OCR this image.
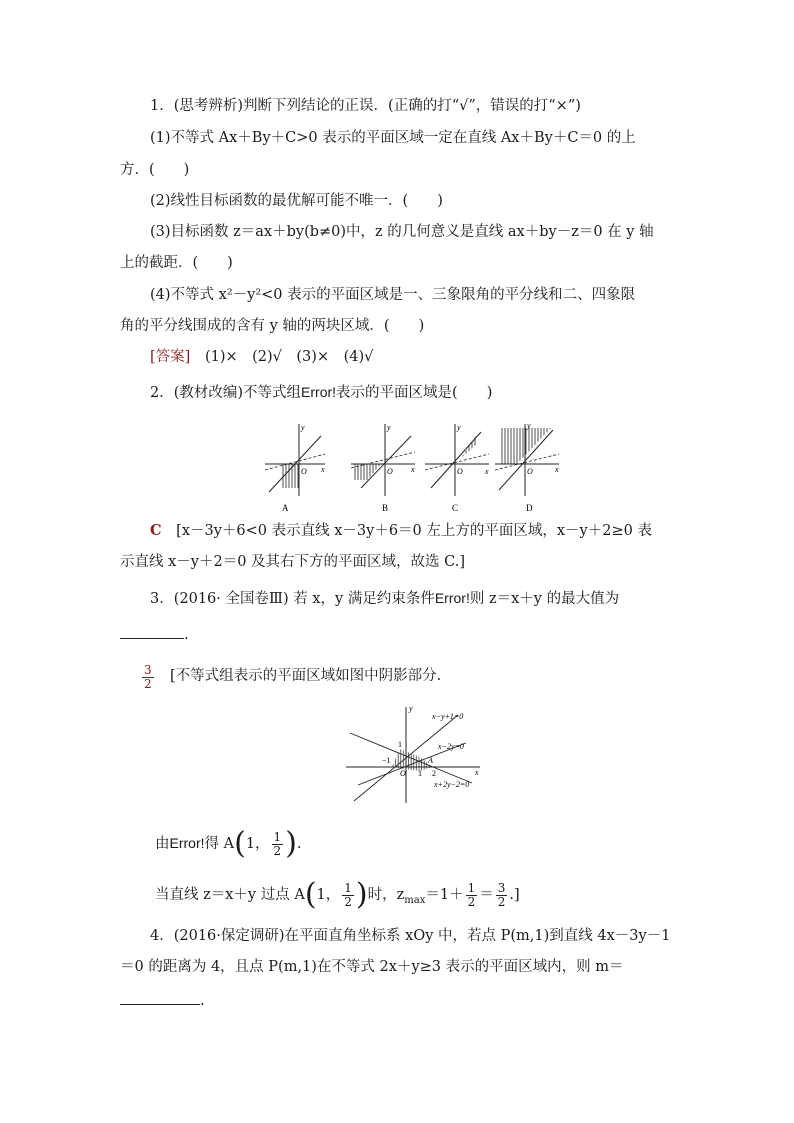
1．(思考辨析)判断下列结论的正误．(正确的打“√”，错误的打“×”)
(1)不等式 Ax＋By＋C>0 表示的平面区域一定在直线 Ax＋By＋C＝0 的上
方．(　　)
(2)线性目标函数的最优解可能不唯一．(　　)
(3)目标函数 z＝ax＋by(b≠0)中，z 的几何意义是直线 ax＋by－z＝0 在 y 轴
上的截距．(　　)
(4)不等式 x²－y²<0 表示的平面区域是一、三象限角的平分线和二、四象限
角的平分线围成的含有 y 轴的两块区域．(　　)
[答案] (1)×　(2)√　(3)×　(4)√
2．(教材改编)不等式组Error!表示的平面区域是(　　)
y
O x
A
y
O x
B
y
O	x
C
y
O	x
D
C [x－3y＋6<0 表示直线 x－3y＋6＝0 左上方的平面区域，x－y＋2≥0 表
示直线 x－y＋2＝0 及其右下方的平面区域，故选 C.]
3．(2016· 全国卷Ⅲ) 若 x，y 满足约束条件Error!则 z＝x＋y 的最大值为
.
$\frac{3}{2}$ [不等式组表示的平面区域如图中阴影部分.
x−y+1=0
x−2y=0
x+2y−2=0
y
x
O
1
−1
1 2
A
由Error!得 A(1， $\frac{1}{2}$ ).
当直线 z＝x＋y 过点 A(1， $\frac{1}{2}$ )时，$z_{max}=1+ \frac{1}{2} = \frac{3}{2}$ .]
4．(2016·保定调研)在平面直角坐标系 xOy 中，若点 P(m,1)到直线 4x－3y－1
＝0 的距离为 4，且点 P(m,1)在不等式 2x＋y≥3 表示的平面区域内，则 m＝
.
